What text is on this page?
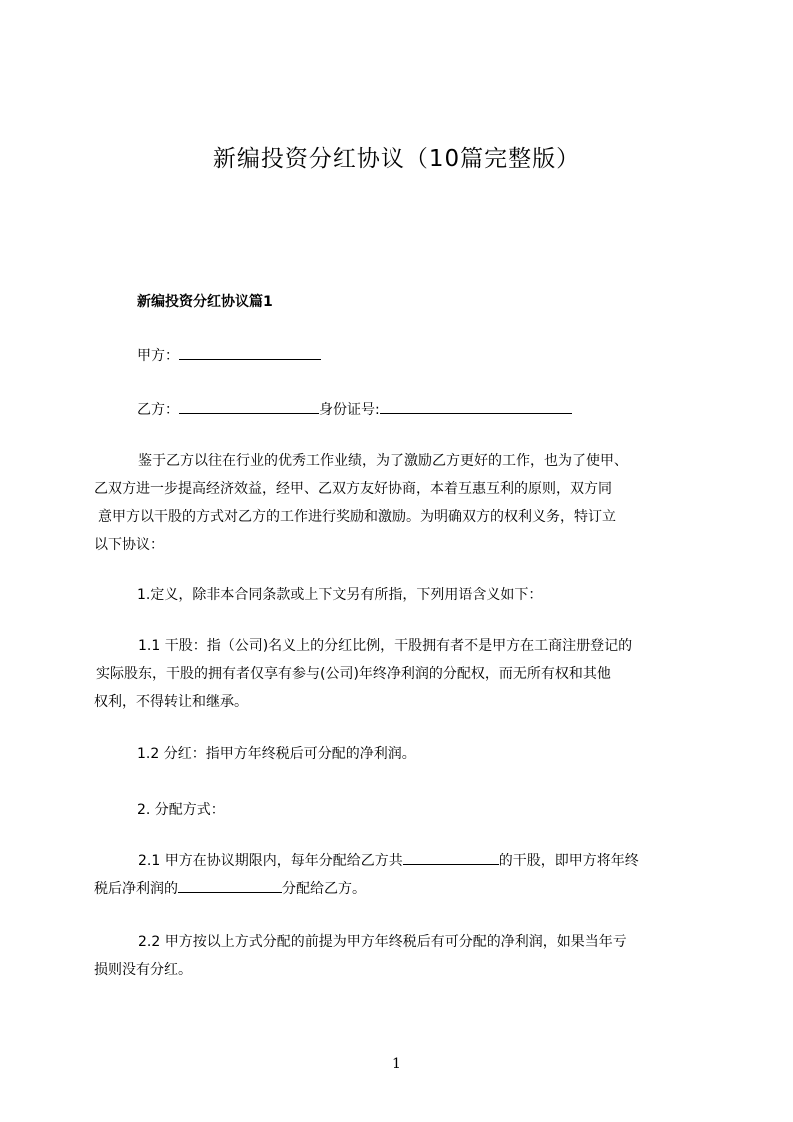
新编投资分红协议（10篇完整版）
新编投资分红协议篇1
甲方：
乙方：	身份证号:

鉴于乙方以往在行业的优秀工作业绩，为了激励乙方更好的工作，也为了使甲、

乙双方进一步提高经济效益，经甲、乙双方友好协商，本着互惠互利的原则，双方同

意甲方以干股的方式对乙方的工作进行奖励和激励。为明确双方的权利义务，特订立

以下协议：

1.定义，除非本合同条款或上下文另有所指，下列用语含义如下：

1.1 干股：指（公司)名义上的分红比例，干股拥有者不是甲方在工商注册登记的

实际股东，干股的拥有者仅享有参与(公司)年终净利润的分配权，而无所有权和其他

权利，不得转让和继承。

1.2 分红：指甲方年终税后可分配的净利润。
2. 分配方式：

2.1 甲方在协议期限内，每年分配给乙方共	的干股，即甲方将年终

税后净利润的	分配给乙方。

2.2 甲方按以上方式分配的前提为甲方年终税后有可分配的净利润，如果当年亏

损则没有分红。

1
